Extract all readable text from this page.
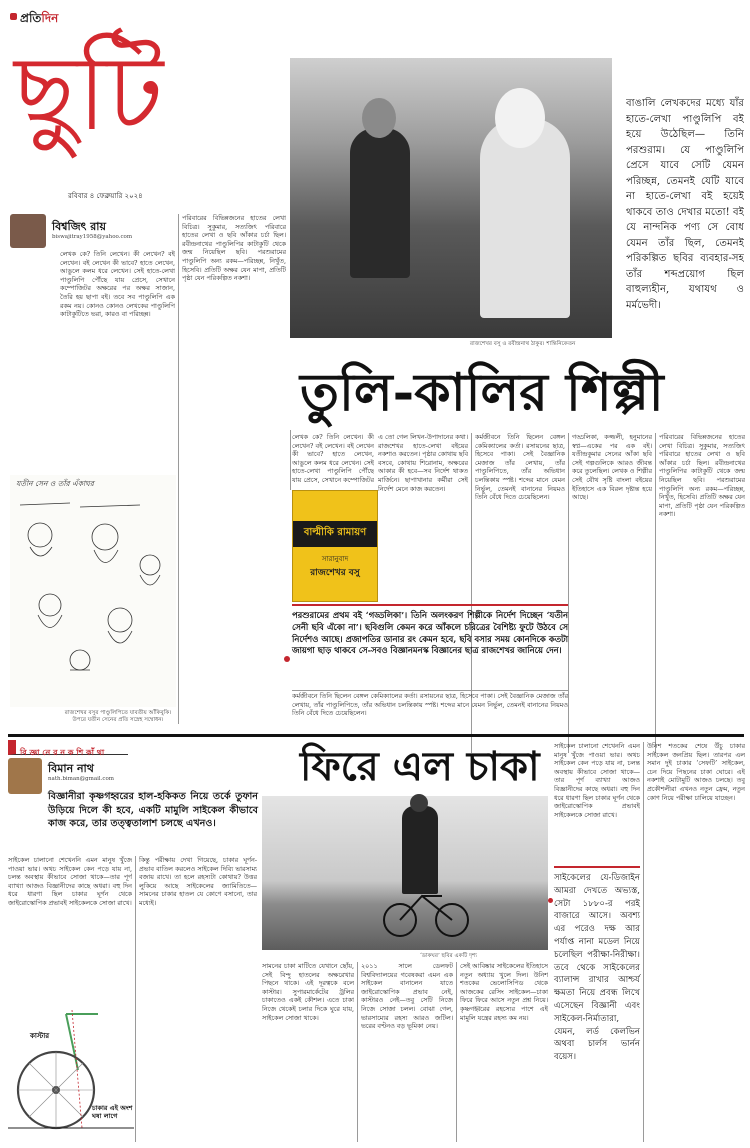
প্রতিদিন
ছুটি
রবিবার ৪ ফেব্রুয়ারি ২০২৪
রাজশেখর বসু ও রবীন্দ্রনাথ ঠাকুর। শান্তিনিকেতন
বাঙালি লেখকদের মধ্যে যাঁর হাতে-লেখা পাণ্ডুলিপি বই হয়ে উঠেছিল— তিনি পরশুরাম। যে পাণ্ডুলিপি প্রেসে যাবে সেটি যেমন পরিচ্ছন্ন, তেমনই যেটি যাবে না হাতে-লেখা বই হয়েই থাকবে তাও দেখার মতো! বই যে নান্দনিক পণ্য সে বোধ যেমন তাঁর ছিল, তেমনই পরিকল্পিত ছবির ব্যবহার-সহ তাঁর শব্দপ্রয়োগ ছিল বাহুল্যহীন, যথাযথ ও মর্মভেদী।
বিশ্বজিৎ রায়
biswajitray1958@yahoo.com
লেখক কে? তিনি লেখেন। কী লেখেন? বই লেখেন। বই লেখেন কী ভাবে? হাতে লেখেন, আঙুলে কলম ধরে লেখেন। সেই হাতে-লেখা পাণ্ডুলিপি পৌঁছে যায় প্রেসে, সেখানে কম্পোজিটর অক্ষরের পর অক্ষর সাজান, তৈরি হয় ছাপা বই। তবে সব পাণ্ডুলিপি এক রকম নয়। কোনও কোনও লেখকের পাণ্ডুলিপি কাটাকুটিতে ভরা, কারও বা পরিচ্ছন্ন।
পরিবারের বিভিন্নজনের হাতের লেখা বিচিত্র। সুকুমার, সত্যজিৎ পরিবারে হাতের লেখা ও ছবি আঁকার চর্চা ছিল। রবীন্দ্রনাথের পাণ্ডুলিপির কাটাকুটি থেকে জন্ম নিয়েছিল ছবি। পরশুরামের পাণ্ডুলিপি অন্য রকম—পরিচ্ছন্ন, নিখুঁত, হিসেবি। প্রতিটি অক্ষর যেন মাপা, প্রতিটি পৃষ্ঠা যেন পরিকল্পিত নকশা।
যতীন সেন ও তাঁর এঁকাঘর
রাজশেখর বসুর পাণ্ডুলিপিতে যাবতীয় আঁকিবুকি। উপরে যতীন সেনের প্রতি সস্নেহ সম্বোধন।
তুলি-কালির শিল্পী
এ তো গেল লিখন-উপাদানের কথা। রাজশেখর হাতে-লেখা বইয়ের নকশাও করতেন। পৃষ্ঠার কোথায় ছবি বসবে, কোথায় শিরোনাম, অক্ষরের আকার কী হবে—সব নির্দেশ থাকত মার্জিনে। ছাপাখানার কর্মীরা সেই নির্দেশ মেনে কাজ করতেন।
কর্মজীবনে তিনি ছিলেন বেঙ্গল কেমিক্যালের কর্তা। রসায়নের ছাত্র, হিসেবে পাকা। সেই বৈজ্ঞানিক মেজাজ তাঁর লেখায়, তাঁর পাণ্ডুলিপিতে, তাঁর অভিধান চলন্তিকায় স্পষ্ট। শব্দের মানে যেমন নির্ভুল, তেমনই বানানের নিয়মও তিনি বেঁধে দিতে চেয়েছিলেন।
গড্ডলিকা, কজ্জলী, হনুমানের স্বপ্ন—একের পর এক বই। যতীন্দ্রকুমার সেনের আঁকা ছবি সেই গল্পগুলিকে আরও জীবন্ত করে তুলেছিল। লেখক ও শিল্পীর সেই যৌথ সৃষ্টি বাংলা বইয়ের ইতিহাসে এক বিরল দৃষ্টান্ত হয়ে আছে।
পরিবারের বিভিন্নজনের হাতের লেখা বিচিত্র। সুকুমার, সত্যজিৎ পরিবারে হাতের লেখা ও ছবি আঁকার চর্চা ছিল। রবীন্দ্রনাথের পাণ্ডুলিপির কাটাকুটি থেকে জন্ম নিয়েছিল ছবি। পরশুরামের পাণ্ডুলিপি অন্য রকম—পরিচ্ছন্ন, নিখুঁত, হিসেবি। প্রতিটি অক্ষর যেন মাপা, প্রতিটি পৃষ্ঠা যেন পরিকল্পিত নকশা।
লেখক কে? তিনি লেখেন। কী লেখেন? বই লেখেন। বই লেখেন কী ভাবে? হাতে লেখেন, আঙুলে কলম ধরে লেখেন। সেই হাতে-লেখা পাণ্ডুলিপি পৌঁছে যায় প্রেসে, সেখানে কম্পোজিটর
বাল্মীকি রামায়ণ
সারানুবাদ
রাজশেখর বসু
পরশুরামের প্রথম বই ‘গড্ডলিকা’। তিনি অলংকরণ শিল্পীকে নির্দেশ দিচ্ছেন ‘যতীন সেনী ছবি এঁকো না’। ছবিগুলি কেমন করে আঁকলে চরিত্রের বৈশিষ্ট্য ফুটে উঠবে সে নির্দেশও আছে। প্রজাপতির ডানার রং কেমন হবে, ছবি বসার সময় কোনদিকে কতটা জায়গা ছাড় থাকবে সে-সবও বিজ্ঞানমনস্ক বিজ্ঞানের ছাত্র রাজশেখর জানিয়ে দেন।
কর্মজীবনে তিনি ছিলেন বেঙ্গল কেমিক্যালের কর্তা। রসায়নের ছাত্র, হিসেবে পাকা। সেই বৈজ্ঞানিক মেজাজ তাঁর লেখায়, তাঁর পাণ্ডুলিপিতে, তাঁর অভিধান চলন্তিকায় স্পষ্ট। শব্দের মানে যেমন নির্ভুল, তেমনই বানানের নিয়মও তিনি বেঁধে দিতে চেয়েছিলেন।
বি জ্ঞা নে র ন ক শি কাঁ থা
বিমান নাথ
nath.biman@gmail.com
বিজ্ঞানীরা কৃষ্ণগহ্বরের হাল-হকিকত নিয়ে তর্কে তুফান উড়িয়ে দিলে কী হবে, একটি মামুলি সাইকেল কীভাবে কাজ করে, তার তত্ত্বতালাশ চলছে এখনও।
ফিরে এল চাকা
‘ডাকঘর’ ছবির একটি দৃশ্য
সাইকেল চালানো শেখেননি এমন মানুষ খুঁজে পাওয়া ভার। অথচ সাইকেল কেন পড়ে যায় না, চলন্ত অবস্থায় কীভাবে সোজা থাকে—তার পূর্ণ ব্যাখ্যা আজও বিজ্ঞানীদের কাছে অধরা। বহু দিন ধরে ধারণা ছিল চাকার ঘূর্ণন থেকে জাইরোস্কোপিক প্রভাবই সাইকেলকে সোজা রাখে।
কিন্তু পরীক্ষায় দেখা গিয়েছে, চাকার ঘূর্ণন-প্রভাব বাতিল করলেও সাইকেল দিব্যি ভারসাম্য বজায় রাখে। তা হলে রহস্যটা কোথায়? উত্তর লুকিয়ে আছে সাইকেলের জ্যামিতিতে—সামনের চাকার হাতল যে কোণে বসানো, তার মধ্যেই।
সামনের চাকা মাটিতে যেখানে ছোঁয়, সেই বিন্দু হাতলের অক্ষরেখার পিছনে থাকে। এই দূরত্বকে বলে কাস্টার। সুপারমার্কেটের ট্রলির চাকাতেও একই কৌশল। এতে চাকা নিজে থেকেই চলার দিকে ঘুরে যায়, সাইকেল সোজা থাকে।
২০১১ সালে ডেলফট বিশ্ববিদ্যালয়ের গবেষকরা এমন এক সাইকেল বানালেন যাতে জাইরোস্কোপিক প্রভাব নেই, কাস্টারও নেই—তবু সেটি নিজে নিজে সোজা চলল। বোঝা গেল, ভারসাম্যের রহস্য আরও জটিল। ভরের বণ্টনও বড় ভূমিকা নেয়।
সেই আবিষ্কার সাইকেলের ইতিহাসে নতুন অধ্যায় খুলে দিল। উনিশ শতকের ভেলোসিপিড থেকে আজকের রেসিং সাইকেল—চাকা ফিরে ফিরে আসে নতুন প্রশ্ন নিয়ে। কৃষ্ণগহ্বরের রহস্যের পাশে এই মামুলি যন্ত্রের রহস্য কম নয়।
সাইকেল চালানো শেখেননি এমন মানুষ খুঁজে পাওয়া ভার। অথচ সাইকেল কেন পড়ে যায় না, চলন্ত অবস্থায় কীভাবে সোজা থাকে—তার পূর্ণ ব্যাখ্যা আজও বিজ্ঞানীদের কাছে অধরা। বহু দিন ধরে ধারণা ছিল চাকার ঘূর্ণন থেকে জাইরোস্কোপিক প্রভাবই সাইকেলকে সোজা রাখে।
উনিশ শতকের শেষে উঁচু চাকার সাইকেল জনপ্রিয় ছিল। তারপর এল সমান দুই চাকার ‘সেফটি’ সাইকেল, চেন দিয়ে পিছনের চাকা ঘোরে। এই নকশাই মোটামুটি আজও চলছে। তবু প্রকৌশলীরা এখনও নতুন ফ্রেম, নতুন কোণ নিয়ে পরীক্ষা চালিয়ে যাচ্ছেন।
সাইকেলের যে-ডিজাইন আমরা দেখতে অভ্যস্ত, সেটা ১৮৮০-র পরই বাজারে আসে। অবশ্য এর পরেও দক্ষ আর পর্যাপ্ত নানা মডেল নিয়ে চলেছিল পরীক্ষা-নিরীক্ষা। তবে থেকে সাইকেলের ব্যালান্স রাখার আশ্চর্য ক্ষমতা নিয়ে প্রবন্ধ লিখে এসেছেন বিজ্ঞানী এবং সাইকেল-নির্মাতারা, যেমন, লর্ড কেলভিন অথবা চার্লস ভার্নন বয়েস।
কাস্টার
চাকার এই অংশ ঘষা লাগে
